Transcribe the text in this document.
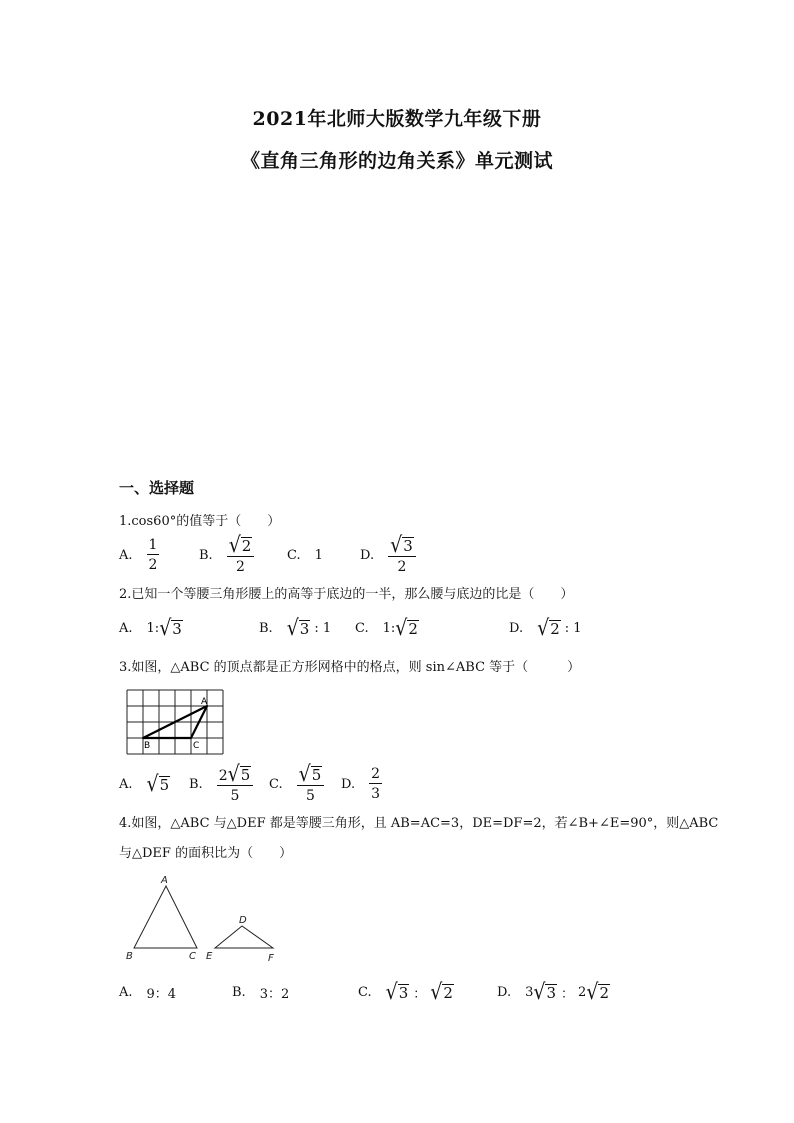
2021年北师大版数学九年级下册
《直角三角形的边角关系》单元测试
一、选择题
1.cos60°的值等于（　　）
A. $\frac{1}{2}$	B. $\frac{√ 2}{2}$	C. 1	D. $\frac{√ 3}{2}$
2.已知一个等腰三角形腰上的高等于底边的一半，那么腰与底边的比是（　　）
A. 1: √ 3	B. √ 3 : 1 C. 1: √ 2	D. √ 2 : 1
3.如图，△ABC 的顶点都是正方形网格中的格点，则 sin∠ABC 等于（　　　）
A
B	C
A. √ 5 B. $\frac{2 √ 5}{5} C$. $\frac{√ 5}{5} D$. $\frac{2}{3}$
4.如图，△ABC 与△DEF 都是等腰三角形，且 AB=AC=3，DE=DF=2，若∠B+∠E=90°，则△ABC
与△DEF 的面积比为（　　）
A
B	C
D
E	F
A. 9：4	B. 3：2	C. √ 3 ： √ 2	D. 3 √ 3 ： 2 √ 2
